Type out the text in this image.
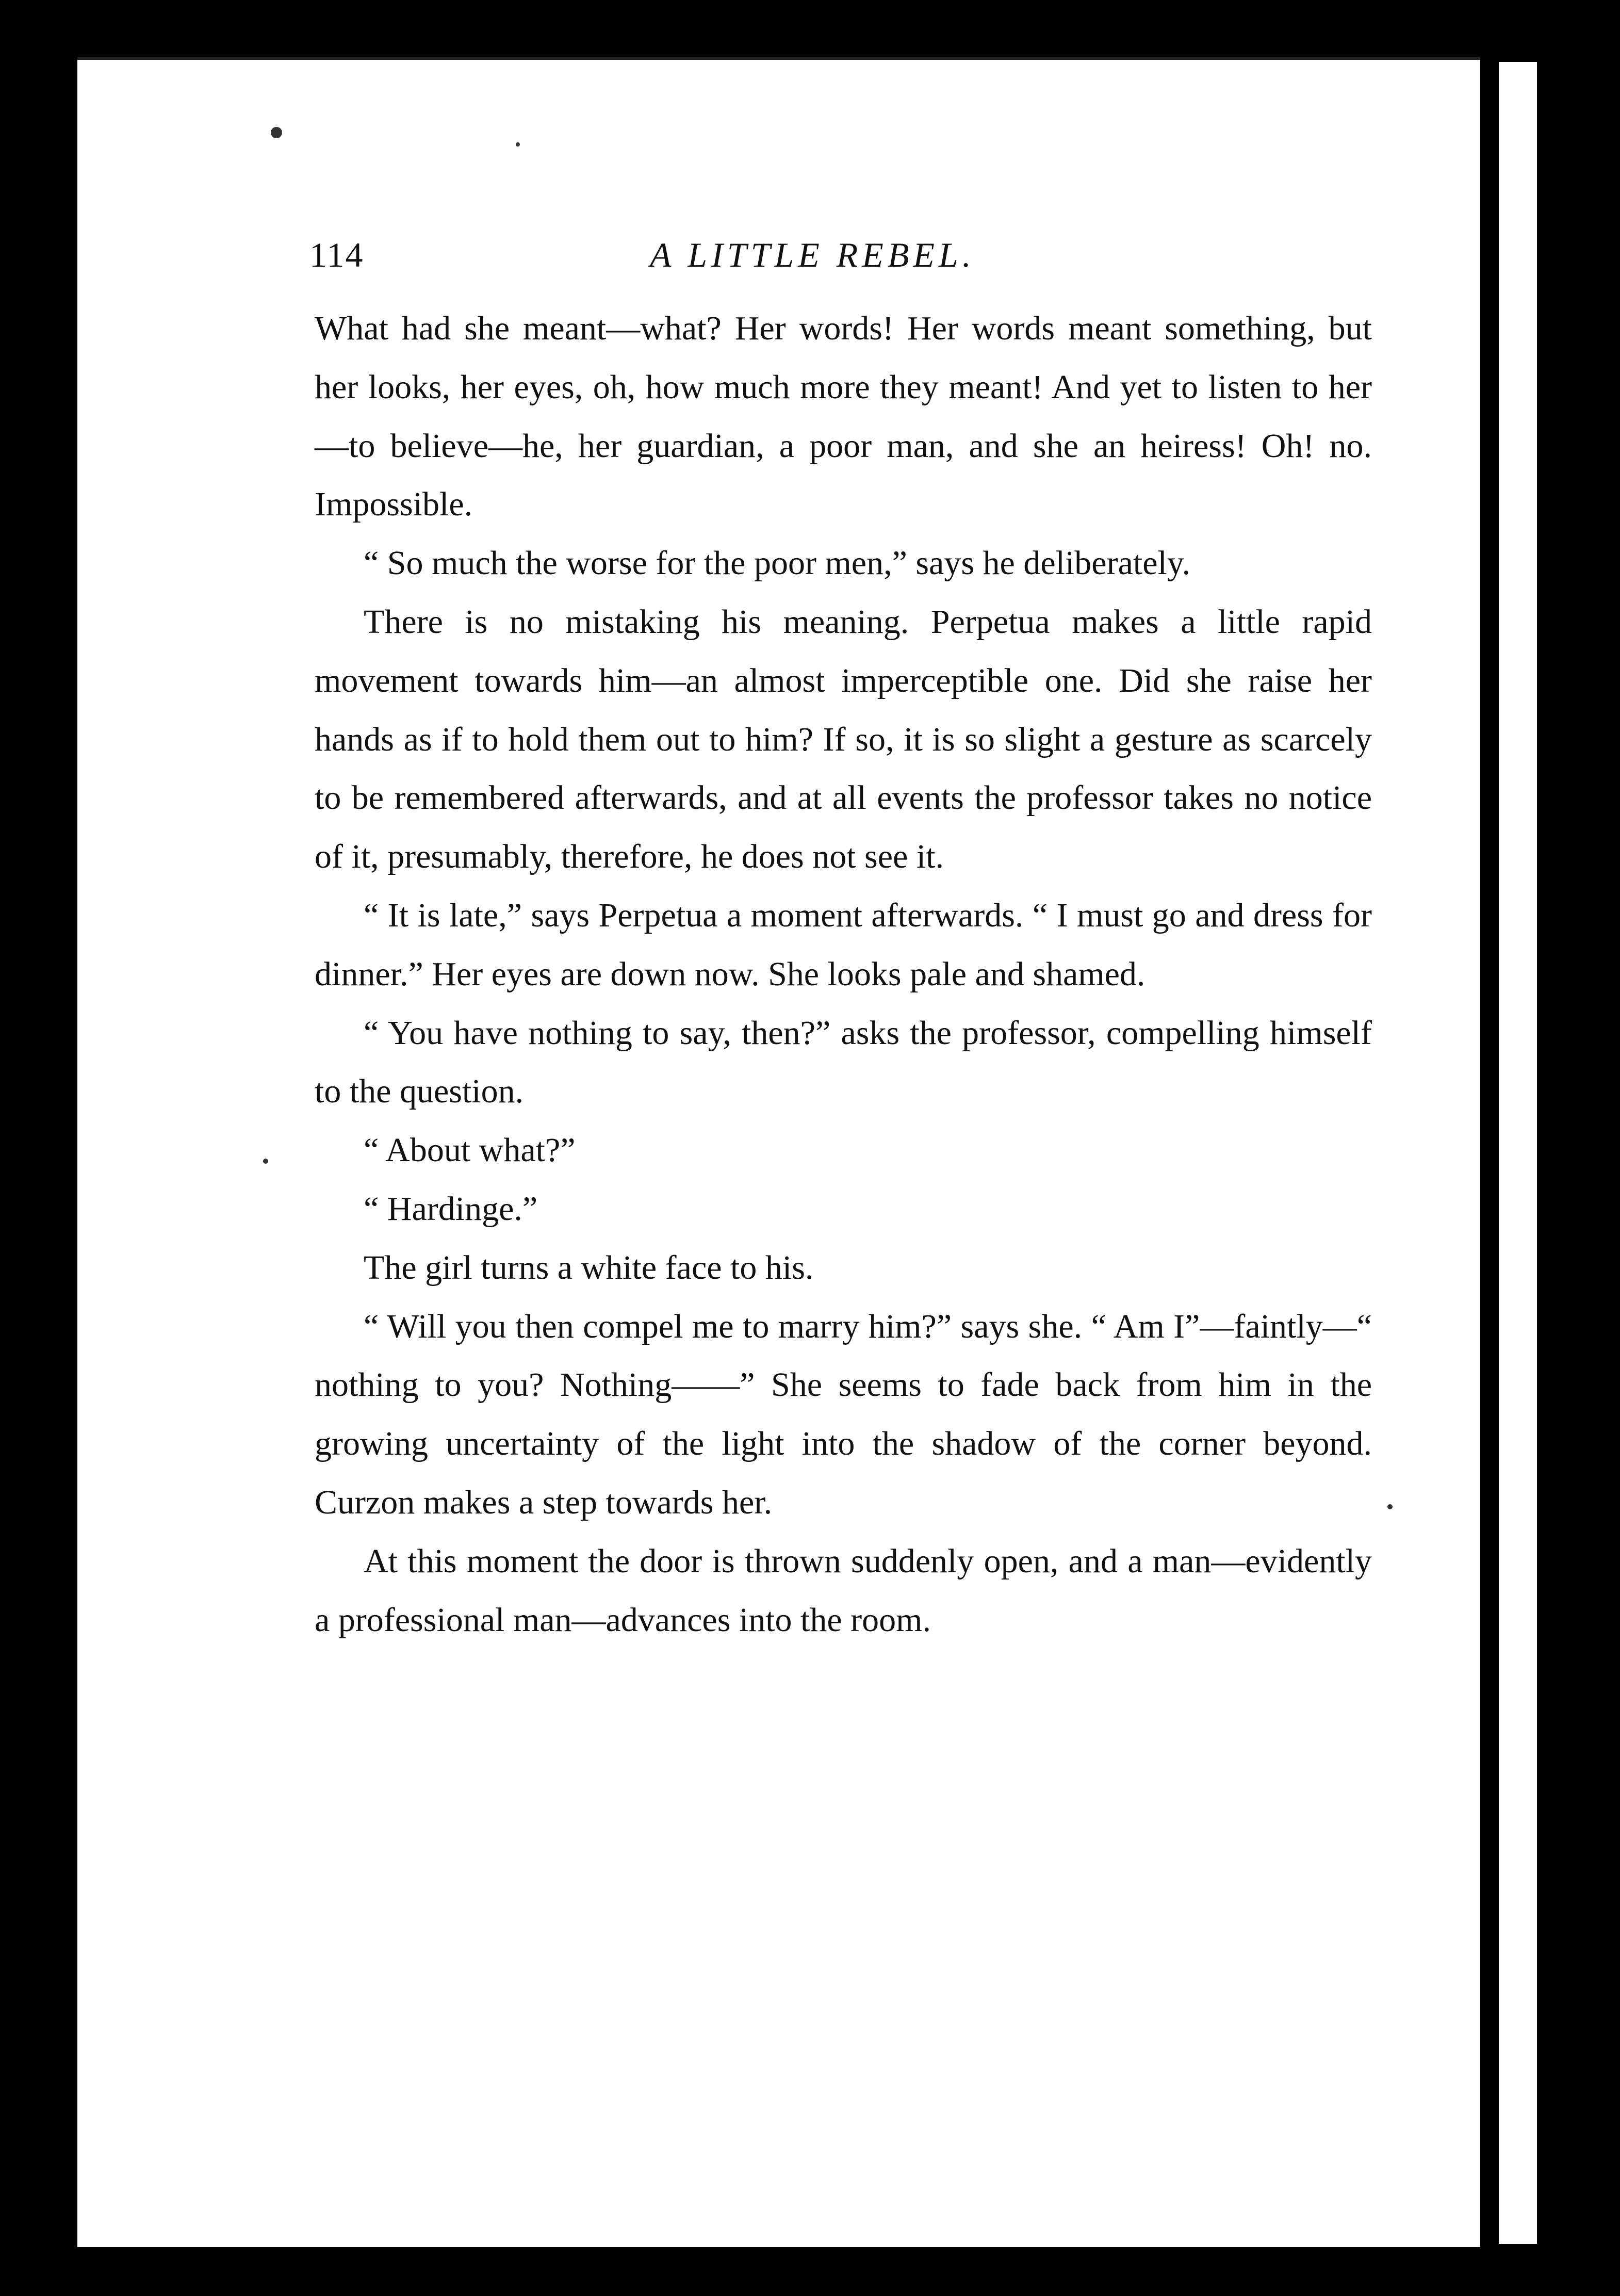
114	A LITTLE REBEL.

What had she meant—what? Her words! Her words meant something, but her looks, her eyes, oh, how much more they meant! And yet to listen to her—to believe—he, her guardian, a poor man, and she an heiress! Oh! no. Impossible.

“ So much the worse for the poor men,” says he deliberately.

There is no mistaking his meaning. Perpetua makes a little rapid movement towards him—an almost imperceptible one. Did she raise her hands as if to hold them out to him? If so, it is so slight a gesture as scarcely to be remembered afterwards, and at all events the professor takes no notice of it, presumably, therefore, he does not see it.

“ It is late,” says Perpetua a moment afterwards. “ I must go and dress for dinner.” Her eyes are down now. She looks pale and shamed.

“ You have nothing to say, then?” asks the professor, compelling himself to the question.

“ About what?”

“ Hardinge.”

The girl turns a white face to his.

“ Will you then compel me to marry him?” says she. “ Am I”—faintly—“ nothing to you? Nothing——” She seems to fade back from him in the growing uncertainty of the light into the shadow of the corner beyond. Curzon makes a step towards her.

At this moment the door is thrown suddenly open, and a man—evidently a professional man—advances into the room.
